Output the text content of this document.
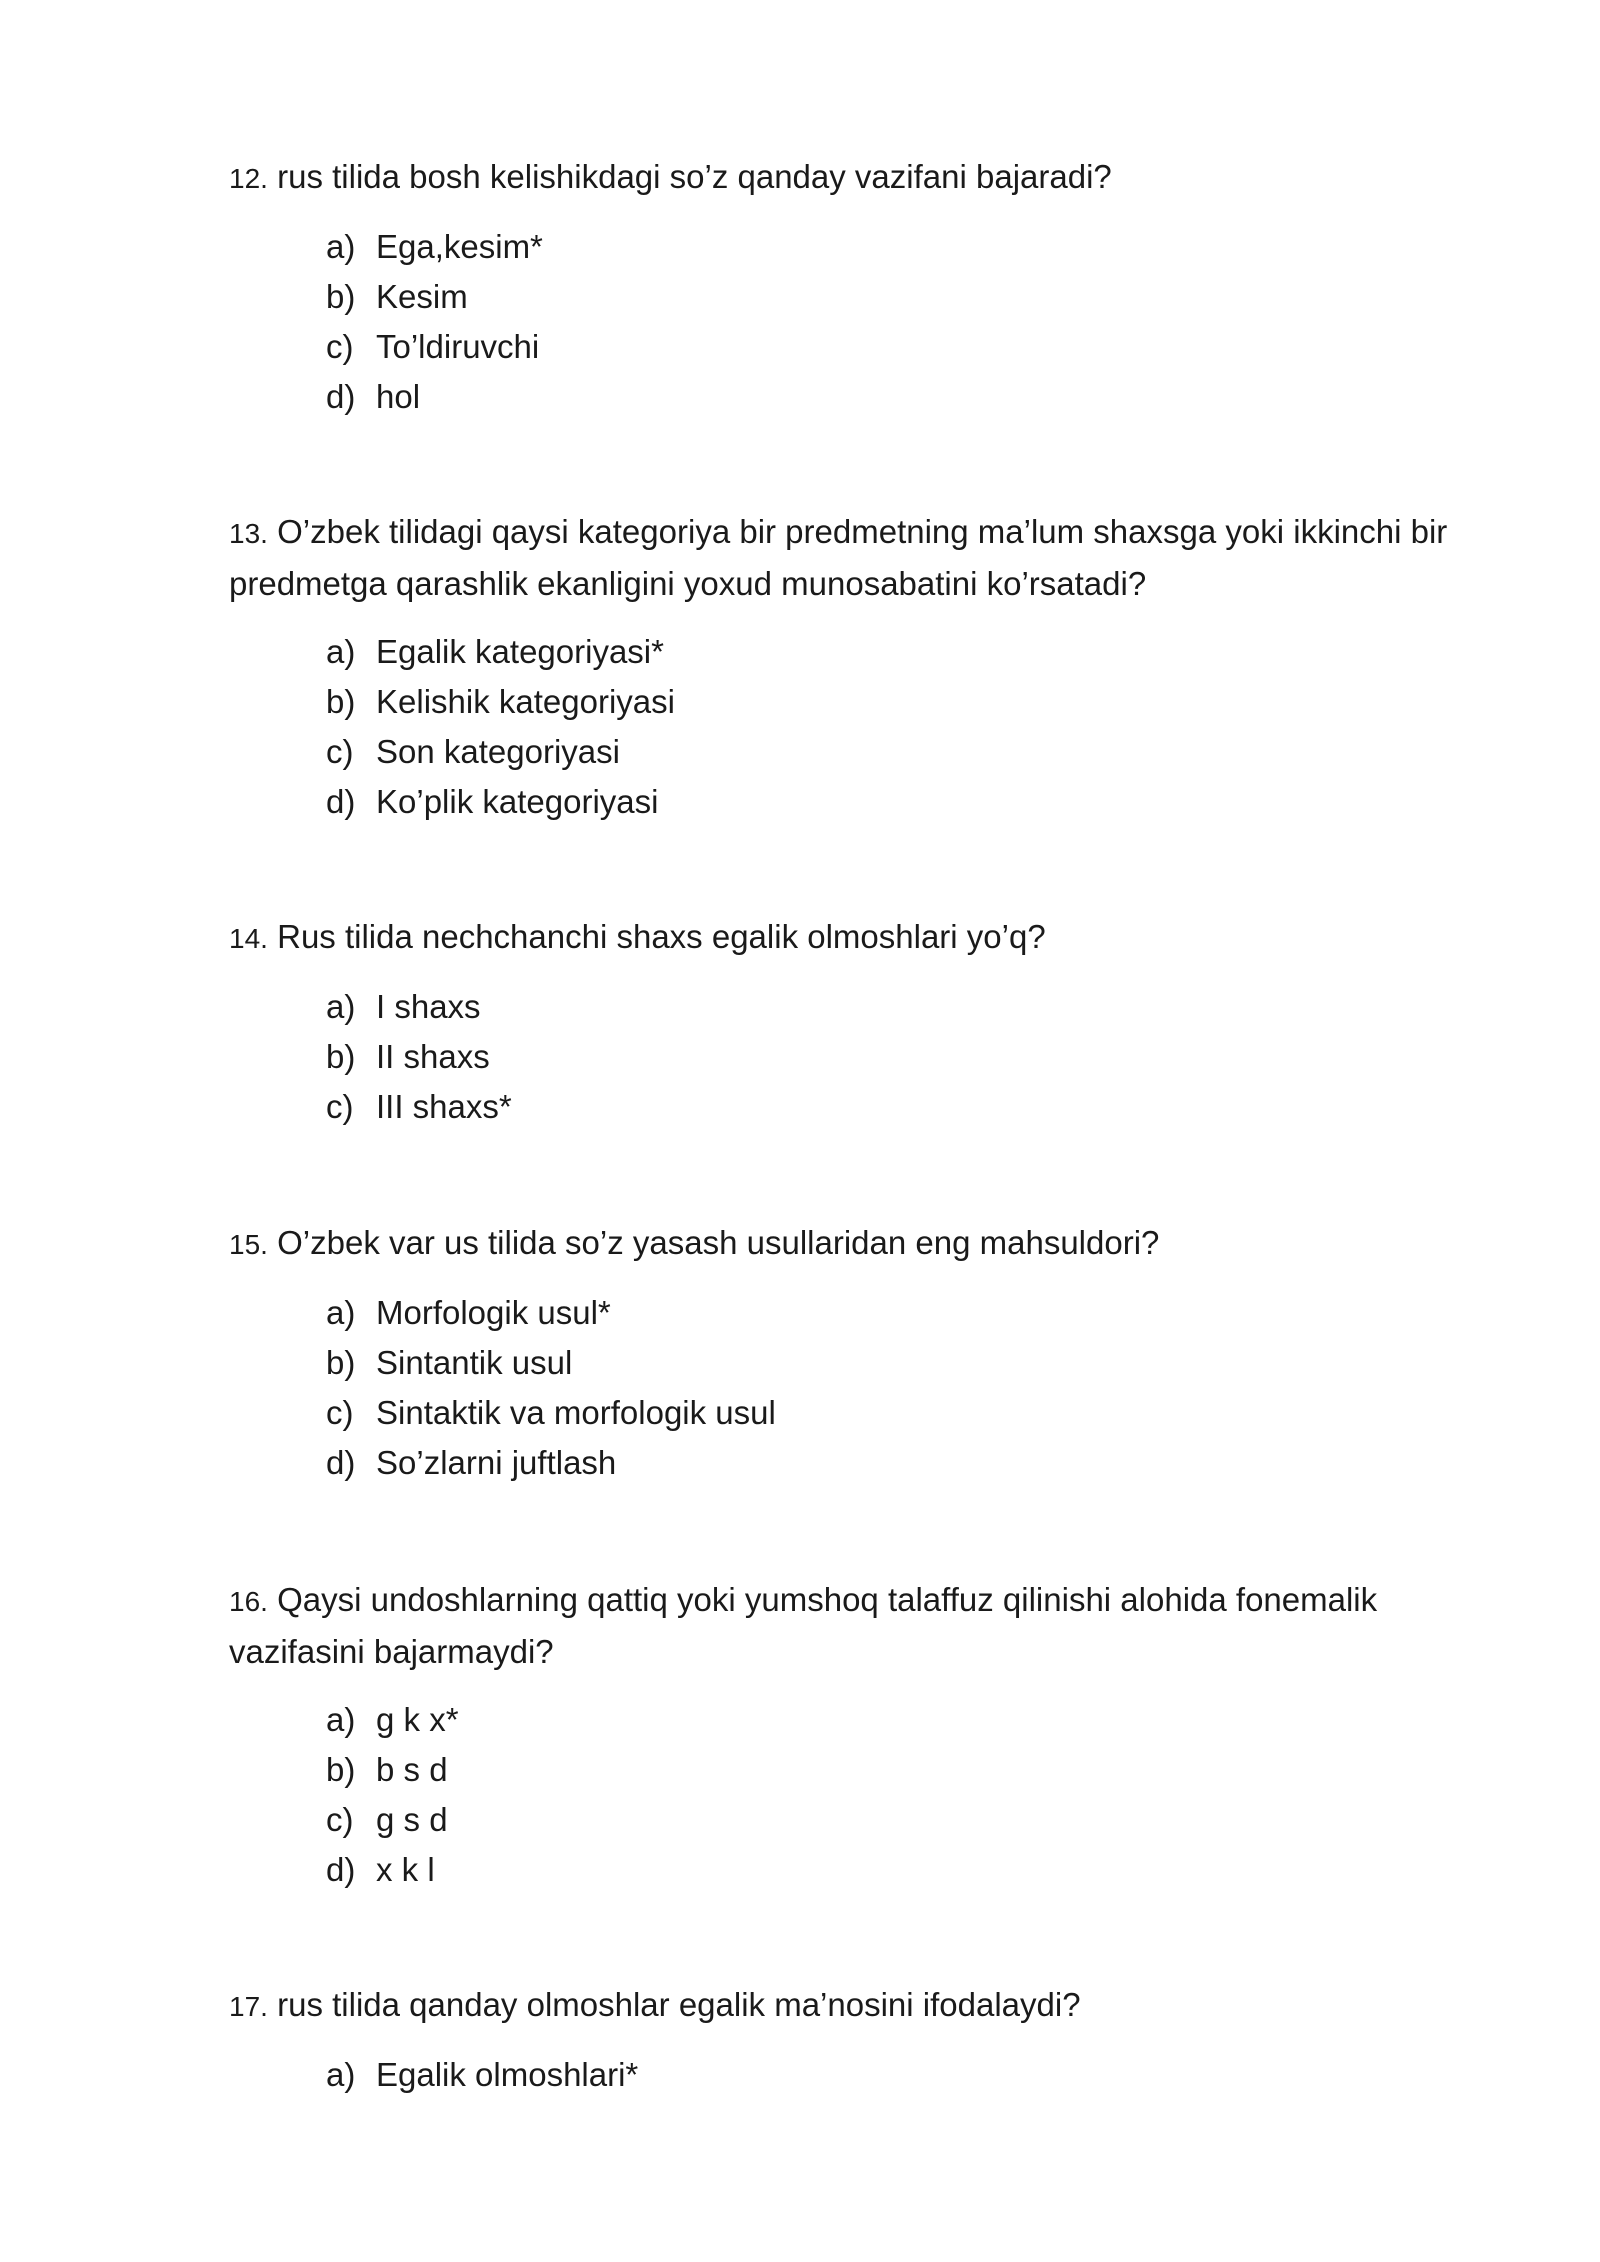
12. rus tilida bosh kelishikdagi so’z qanday vazifani bajaradi?

a) Ega,kesim*
b) Kesim
c) To’ldiruvchi
d) hol

13. O’zbek tilidagi qaysi kategoriya bir predmetning ma’lum shaxsga yoki ikkinchi bir predmetga qarashlik ekanligini yoxud munosabatini ko’rsatadi?

a) Egalik kategoriyasi*
b) Kelishik kategoriyasi
c) Son kategoriyasi
d) Ko’plik kategoriyasi

14. Rus tilida nechchanchi shaxs egalik olmoshlari yo’q?

a) I shaxs
b) II shaxs
c) III shaxs*

15. O’zbek var us tilida so’z yasash usullaridan eng mahsuldori?

a) Morfologik usul*
b) Sintantik usul
c) Sintaktik va morfologik usul
d) So’zlarni juftlash

16. Qaysi undoshlarning qattiq yoki yumshoq talaffuz qilinishi alohida fonemalik vazifasini bajarmaydi?

a) g k x*
b) b s d
c) g s d
d) x k l

17. rus tilida qanday olmoshlar egalik ma’nosini ifodalaydi?

a) Egalik olmoshlari*
